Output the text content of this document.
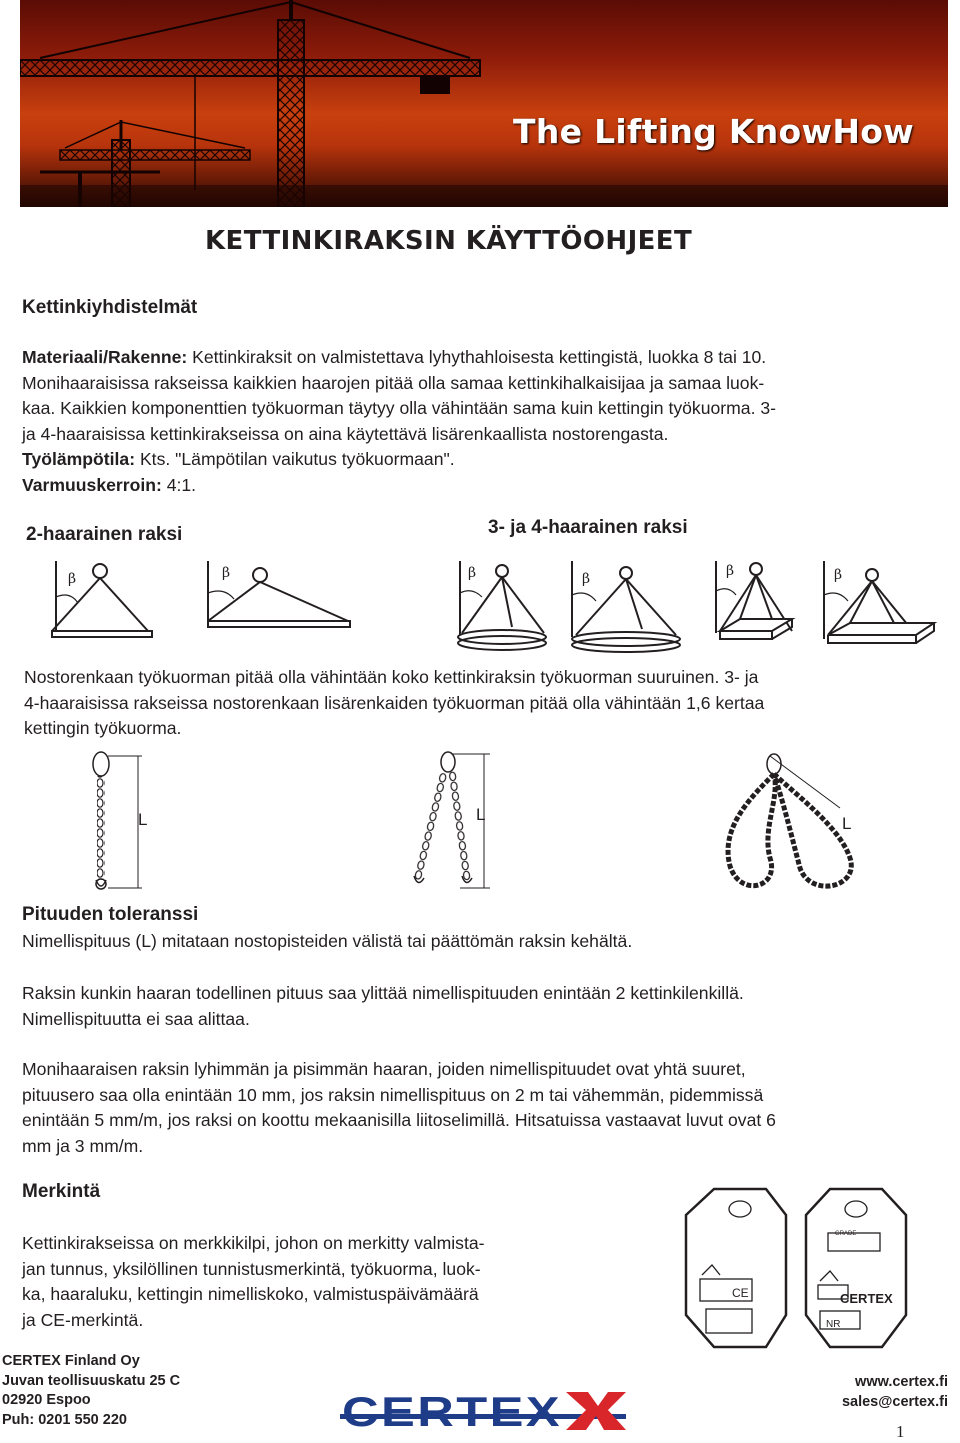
The Lifting KnowHow
KETTINKIRAKSIN KÄYTTÖOHJEET
Kettinkiyhdistelmät
Materiaali/Rakenne: Kettinkiraksit on valmistettava lyhythahloisesta kettingistä, luokka 8 tai 10.
Monihaaraisissa rakseissa kaikkien haarojen pitää olla samaa kettinkihalkaisijaa ja samaa luok-
kaa. Kaikkien komponenttien työkuorman täytyy olla vähintään sama kuin kettingin työkuorma. 3-
ja 4-haaraisissa kettinkirakseissa on aina käytettävä lisärenkaallista nostorengasta.
Työlämpötila: Kts. "Lämpötilan vaikutus työkuormaan".
Varmuuskerroin: 4:1.
2-haarainen raksi	3- ja 4-haarainen raksi
β	β	β	β	β	β
Nostorenkaan työkuorman pitää olla vähintään koko kettinkiraksin työkuorman suuruinen. 3- ja
4-haaraisissa rakseissa nostorenkaan lisärenkaiden työkuorman pitää olla vähintään 1,6 kertaa
kettingin työkuorma.
L	L	L
Pituuden toleranssi
Nimellispituus (L) mitataan nostopisteiden välistä tai päättömän raksin kehältä.
Raksin kunkin haaran todellinen pituus saa ylittää nimellispituuden enintään 2 kettinkilenkillä.
Nimellispituutta ei saa alittaa.
Monihaaraisen raksin lyhimmän ja pisimmän haaran, joiden nimellispituudet ovat yhtä suuret,
pituusero saa olla enintään 10 mm, jos raksin nimellispituus on 2 m tai vähemmän, pidemmissä
enintään 5 mm/m, jos raksi on koottu mekaanisilla liitoselimillä. Hitsatuissa vastaavat luvut ovat 6
mm ja 3 mm/m.
Merkintä
Kettinkirakseissa on merkkikilpi, johon on merkitty valmista-
jan tunnus, yksilöllinen tunnistusmerkintä, työkuorma, luok-
ka, haaraluku, kettingin nimelliskoko, valmistuspäivämäärä
ja CE-merkintä.
CE
GRADE
CERTEX
NR
CERTEX Finland Oy
Juvan teollisuuskatu 25 C
02920 Espoo
Puh: 0201 550 220	CERTEX
www.certex.fi
sales@certex.fi
1
